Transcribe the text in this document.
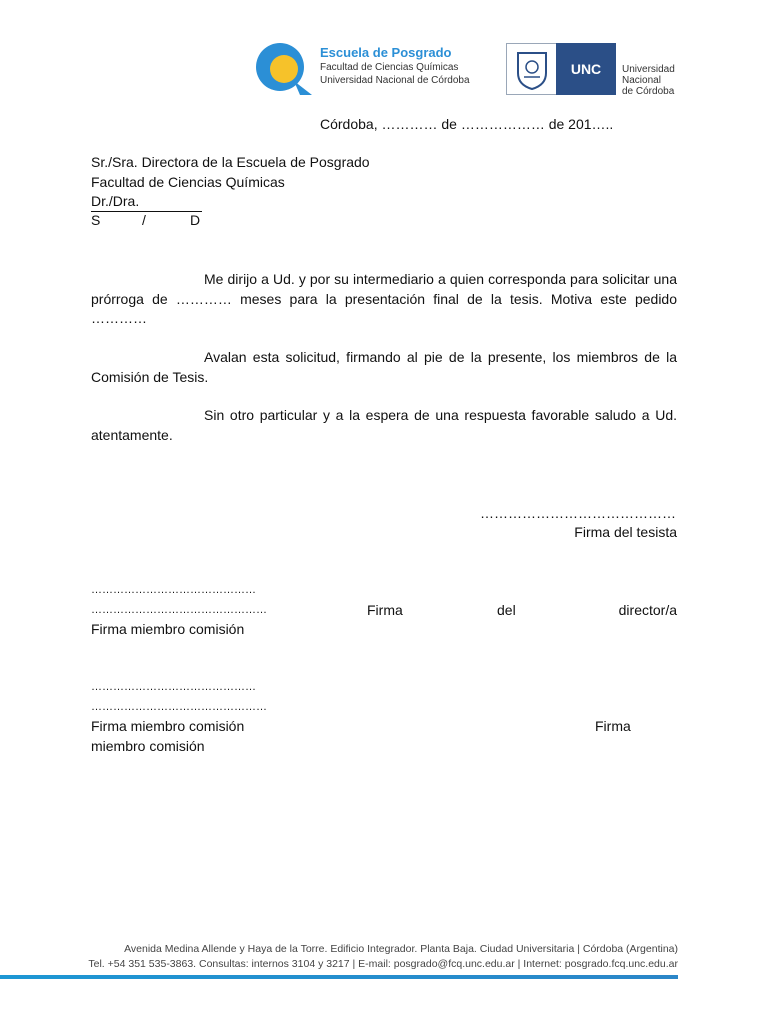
Escuela de Posgrado
Facultad de Ciencias Químicas
Universidad Nacional de Córdoba
UNC	Universidad
Nacional
de Córdoba
Córdoba, ………… de ……………… de 201…..
Sr./Sra. Directora de la Escuela de Posgrado
Facultad de Ciencias Químicas
Dr./Dra.
S	/	D
Me dirijo a Ud. y por su intermediario a quien corresponda para solicitar una prórroga de ………… meses para la presentación final de la tesis. Motiva este pedido …………
Avalan esta solicitud, firmando al pie de la presente, los miembros de la Comisión de Tesis.
Sin otro particular y a la espera de una respuesta favorable saludo a Ud. atentamente.
……………………………………
Firma del tesista
………………………………………
…………………………………………	Firma	del	director/a
Firma miembro comisión
………………………………………
…………………………………………
Firma miembro comisión	Firma
miembro comisión
Avenida Medina Allende y Haya de la Torre. Edificio Integrador. Planta Baja. Ciudad Universitaria | Córdoba (Argentina)
Tel. +54 351 535-3863. Consultas: internos 3104 y 3217 | E-mail: posgrado@fcq.unc.edu.ar | Internet: posgrado.fcq.unc.edu.ar
